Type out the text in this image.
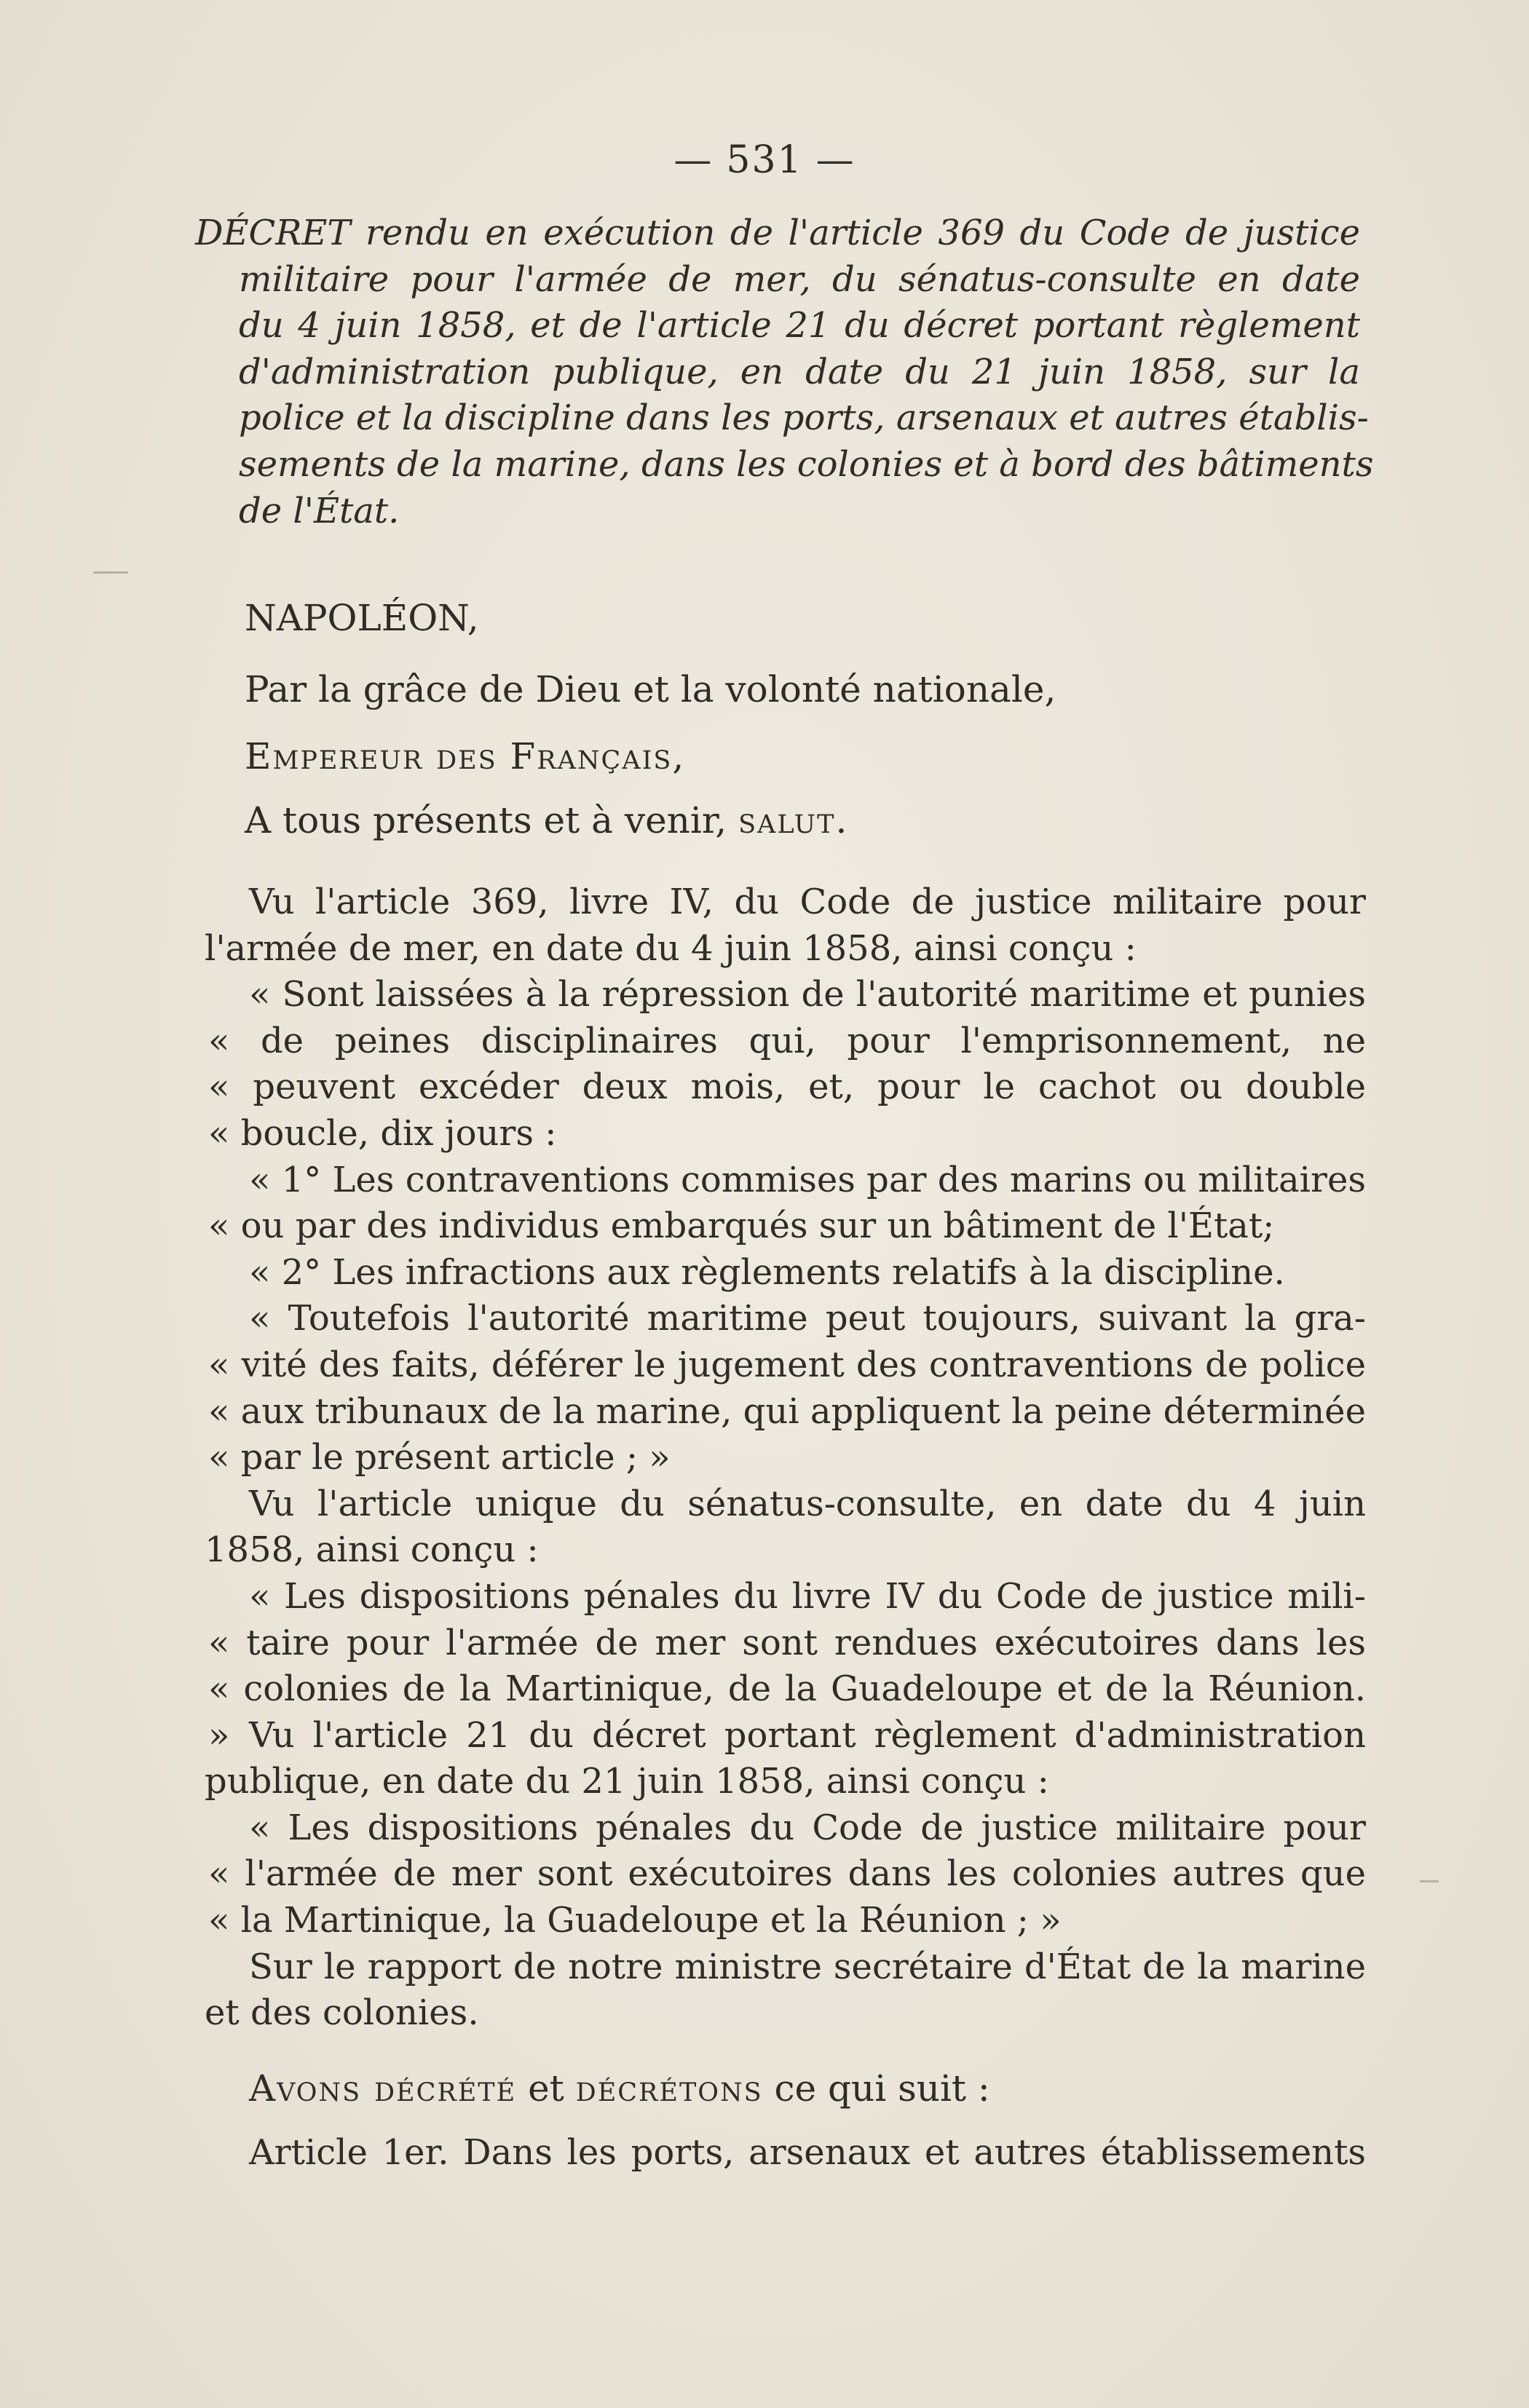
— 531 —
DÉCRET rendu en exécution de l'article 369 du Code de justice
militaire pour l'armée de mer, du sénatus-consulte en date
du 4 juin 1858, et de l'article 21 du décret portant règlement
d'administration publique, en date du 21 juin 1858, sur la
police et la discipline dans les ports, arsenaux et autres établis-
sements de la marine, dans les colonies et à bord des bâtiments
de l'État.
NAPOLÉON,
Par la grâce de Dieu et la volonté nationale,
Empereur des Français,
A tous présents et à venir, salut.
Vu l'article 369, livre IV, du Code de justice militaire pour
l'armée de mer, en date du 4 juin 1858, ainsi conçu :
« Sont laissées à la répression de l'autorité maritime et punies
« de peines disciplinaires qui, pour l'emprisonnement, ne
« peuvent excéder deux mois, et, pour le cachot ou double
« boucle, dix jours :
« 1° Les contraventions commises par des marins ou militaires
« ou par des individus embarqués sur un bâtiment de l'État;
« 2° Les infractions aux règlements relatifs à la discipline.
« Toutefois l'autorité maritime peut toujours, suivant la gra-
« vité des faits, déférer le jugement des contraventions de police
« aux tribunaux de la marine, qui appliquent la peine déterminée
« par le présent article ; »
Vu l'article unique du sénatus-consulte, en date du 4 juin
1858, ainsi conçu :
« Les dispositions pénales du livre IV du Code de justice mili-
« taire pour l'armée de mer sont rendues exécutoires dans les
« colonies de la Martinique, de la Guadeloupe et de la Réunion. » Vu l'article 21 du décret portant règlement d'administration
publique, en date du 21 juin 1858, ainsi conçu :
« Les dispositions pénales du Code de justice militaire pour
« l'armée de mer sont exécutoires dans les colonies autres que
« la Martinique, la Guadeloupe et la Réunion ; »
Sur le rapport de notre ministre secrétaire d'État de la marine
et des colonies.
Avons décrété et décrétons ce qui suit :
Article 1er. Dans les ports, arsenaux et autres établissements
